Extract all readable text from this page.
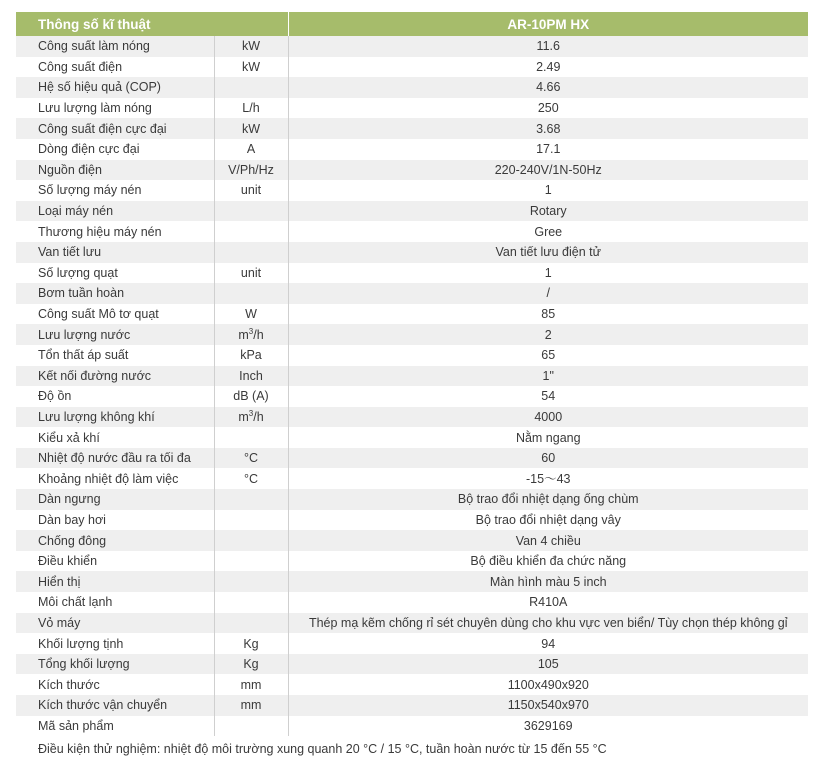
Thông số kĩ thuật		AR-10PM HX
Công suất làm nóng	kW	11.6
Công suất điện	kW	2.49
Hệ số hiệu quả (COP)		4.66
Lưu lượng làm nóng	L/h	250
Công suất điện cực đại	kW	3.68
Dòng điện cực đại	A	17.1
Nguồn điện	V/Ph/Hz	220-240V/1N-50Hz
Số lượng máy nén	unit	1
Loại máy nén		Rotary
Thương hiệu máy nén		Gree
Van tiết lưu		Van tiết lưu điện tử
Số lượng quạt	unit	1
Bơm tuần hoàn		/
Công suất Mô tơ quạt	W	85
Lưu lượng nước	$m^3/h$	2
Tổn thất áp suất	kPa	65
Kết nối đường nước	Inch	1"
Độ ồn	dB (A)	54
Lưu lượng không khí	$m^3/h$	4000
Kiểu xả khí		Nằm ngang
Nhiệt độ nước đầu ra tối đa	°C	60
Khoảng nhiệt độ làm việc	°C	-15〜43
Dàn ngưng		Bộ trao đổi nhiệt dạng ống chùm
Dàn bay hơi		Bộ trao đổi nhiệt dạng vây
Chống đông		Van 4 chiều
Điều khiển		Bộ điều khiển đa chức năng
Hiển thị		Màn hình màu 5 inch
Môi chất lạnh		R410A
Vỏ máy		Thép mạ kẽm chống rỉ sét chuyên dùng cho khu vực ven biển/ Tùy chọn thép không gỉ
Khối lượng tịnh	Kg	94
Tổng khối lượng	Kg	105
Kích thước	mm	1100x490x920
Kích thước vận chuyển	mm	1150x540x970
Mã sản phẩm		3629169
Điều kiện thử nghiệm: nhiệt độ môi trường xung quanh 20 °C / 15 °C, tuần hoàn nước từ 15 đến 55 °C
